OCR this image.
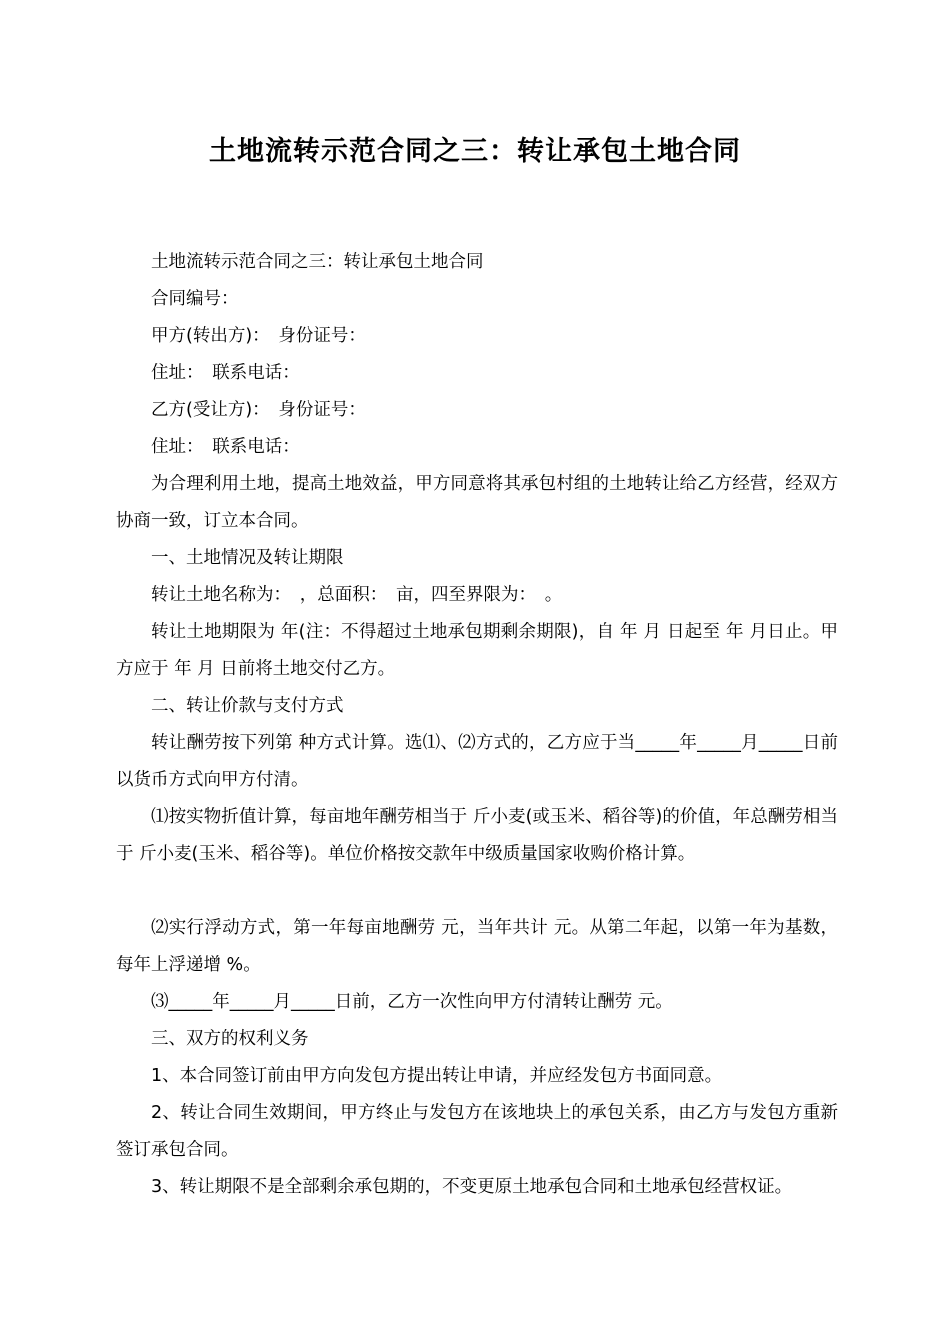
土地流转示范合同之三：转让承包土地合同

土地流转示范合同之三：转让承包土地合同

合同编号：

甲方(转出方)：　身份证号：

住址：　联系电话：

乙方(受让方)：　身份证号：

住址：　联系电话：

为合理利用土地，提高土地效益，甲方同意将其承包村组的土地转让给乙方经营，经双方协商一致，订立本合同。

一、土地情况及转让期限

转让土地名称为：　，总面积：　亩，四至界限为：　。

转让土地期限为 年(注：不得超过土地承包期剩余期限)，自 年 月 日起至 年 月日止。甲方应于 年 月 日前将土地交付乙方。

二、转让价款与支付方式

转让酬劳按下列第 种方式计算。选⑴、⑵方式的，乙方应于当_____年_____月_____日前以货币方式向甲方付清。

⑴按实物折值计算，每亩地年酬劳相当于 斤小麦(或玉米、稻谷等)的价值，年总酬劳相当于 斤小麦(玉米、稻谷等)。单位价格按交款年中级质量国家收购价格计算。

⑵实行浮动方式，第一年每亩地酬劳 元，当年共计 元。从第二年起，以第一年为基数，每年上浮递增 %。

⑶_____年_____月_____日前，乙方一次性向甲方付清转让酬劳 元。

三、双方的权利义务

1、本合同签订前由甲方向发包方提出转让申请，并应经发包方书面同意。

2、转让合同生效期间，甲方终止与发包方在该地块上的承包关系，由乙方与发包方重新签订承包合同。

3、转让期限不是全部剩余承包期的，不变更原土地承包合同和土地承包经营权证。
